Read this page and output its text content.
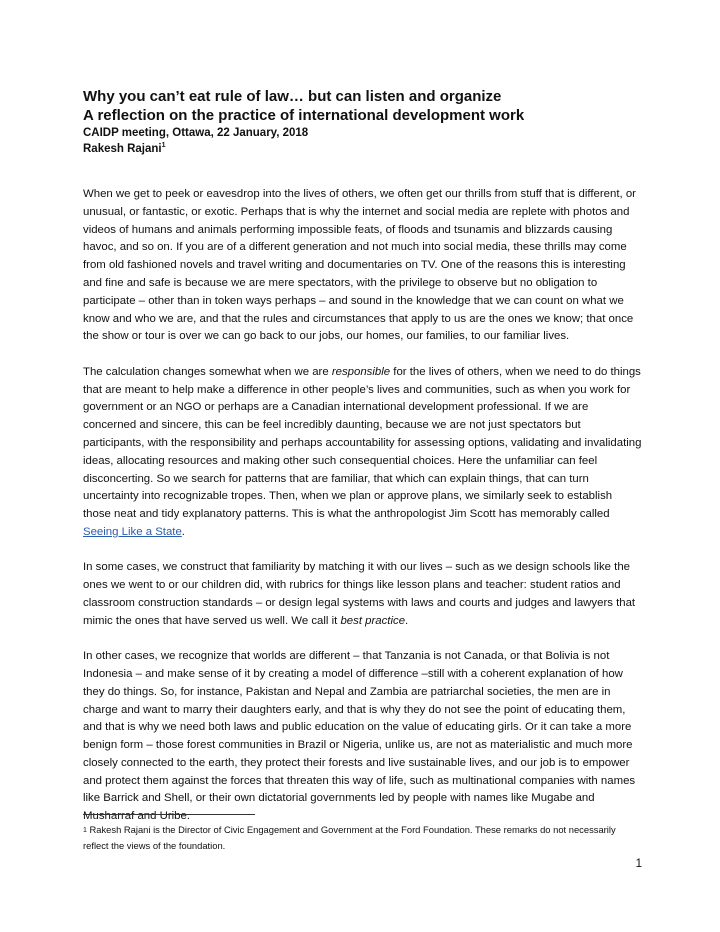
Why you can’t eat rule of law… but can listen and organize

A reflection on the practice of international development work

CAIDP meeting, Ottawa, 22 January, 2018

Rakesh Rajani$^1$

When we get to peek or eavesdrop into the lives of others, we often get our thrills from stuff that is different, or unusual, or fantastic, or exotic. Perhaps that is why the internet and social media are replete with photos and videos of humans and animals performing impossible feats, of floods and tsunamis and blizzards causing havoc, and so on. If you are of a different generation and not much into social media, these thrills may come from old fashioned novels and travel writing and documentaries on TV. One of the reasons this is interesting and fine and safe is because we are mere spectators, with the privilege to observe but no obligation to participate – other than in token ways perhaps – and sound in the knowledge that we can count on what we know and who we are, and that the rules and circumstances that apply to us are the ones we know; that once the show or tour is over we can go back to our jobs, our homes, our families, to our familiar lives.

The calculation changes somewhat when we are responsible for the lives of others, when we need to do things that are meant to help make a difference in other people’s lives and communities, such as when you work for government or an NGO or perhaps are a Canadian international development professional. If we are concerned and sincere, this can be feel incredibly daunting, because we are not just spectators but participants, with the responsibility and perhaps accountability for assessing options, validating and invalidating ideas, allocating resources and making other such consequential choices. Here the unfamiliar can feel disconcerting. So we search for patterns that are familiar, that which can explain things, that can turn uncertainty into recognizable tropes. Then, when we plan or approve plans, we similarly seek to establish those neat and tidy explanatory patterns. This is what the anthropologist Jim Scott has memorably called Seeing Like a State.

In some cases, we construct that familiarity by matching it with our lives – such as we design schools like the ones we went to or our children did, with rubrics for things like lesson plans and teacher: student ratios and classroom construction standards – or design legal systems with laws and courts and judges and lawyers that mimic the ones that have served us well. We call it best practice.

In other cases, we recognize that worlds are different – that Tanzania is not Canada, or that Bolivia is not Indonesia – and make sense of it by creating a model of difference –still with a coherent explanation of how they do things. So, for instance, Pakistan and Nepal and Zambia are patriarchal societies, the men are in charge and want to marry their daughters early, and that is why they do not see the point of educating them, and that is why we need both laws and public education on the value of educating girls. Or it can take a more benign form – those forest communities in Brazil or Nigeria, unlike us, are not as materialistic and much more closely connected to the earth, they protect their forests and live sustainable lives, and our job is to empower and protect them against the forces that threaten this way of life, such as multinational companies with names like Barrick and Shell, or their own dictatorial governments led by people with names like Mugabe and Musharraf and Uribe.

$^1$ Rakesh Rajani is the Director of Civic Engagement and Government at the Ford Foundation. These remarks do not necessarily reflect the views of the foundation.
1
